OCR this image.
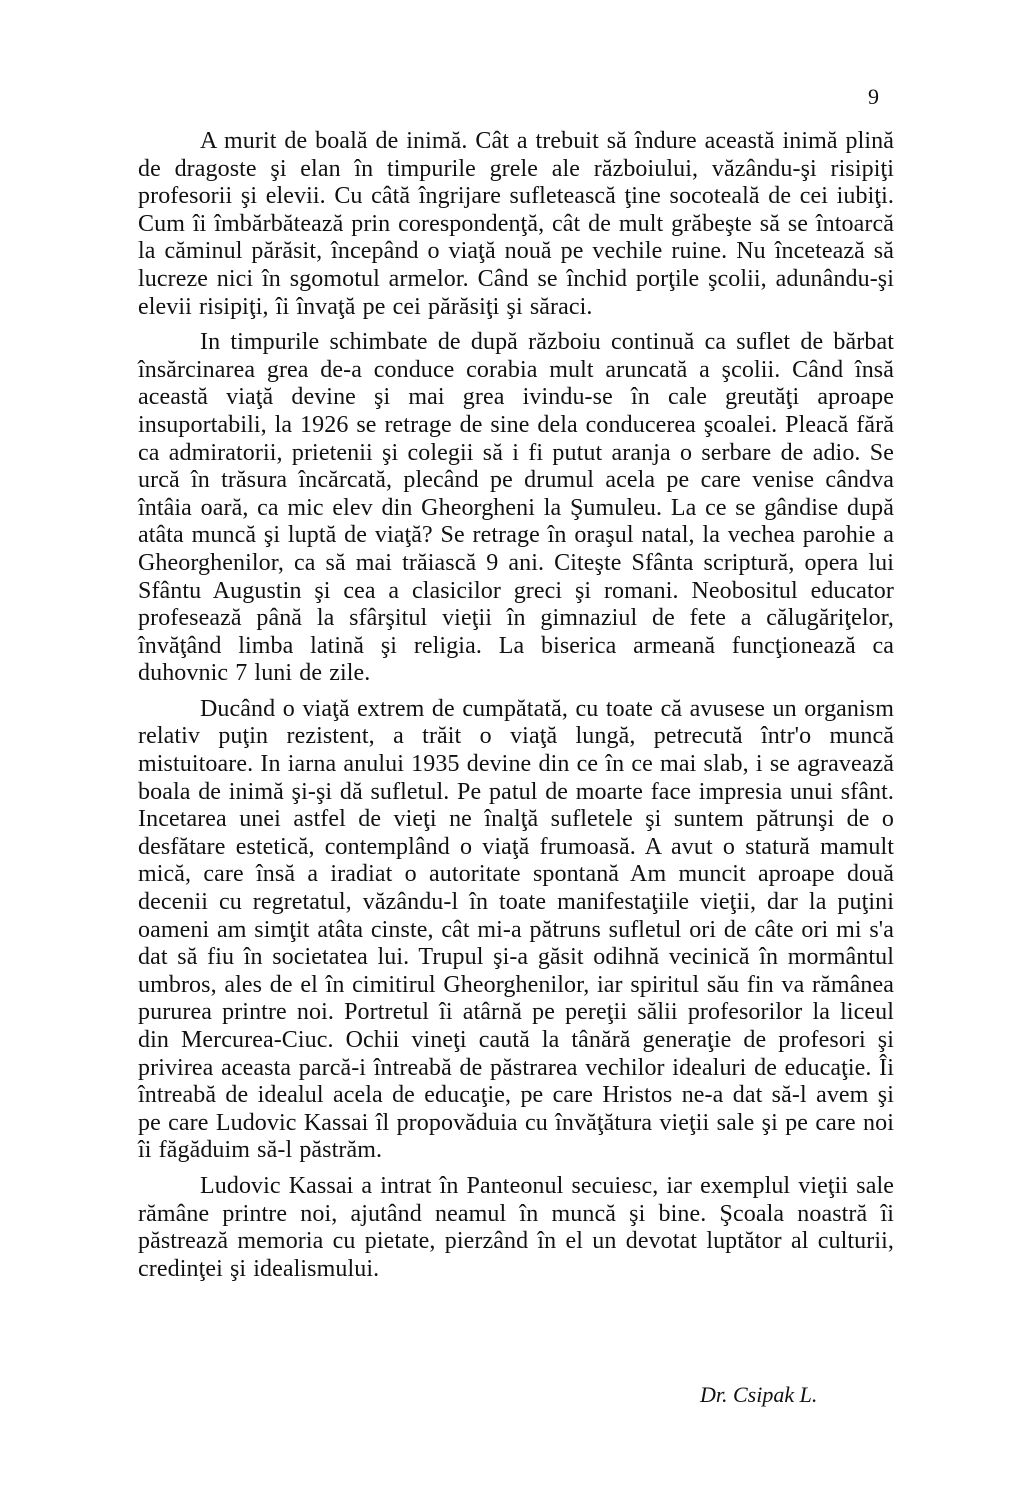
9

A murit de boală de inimă. Cât a trebuit să îndure această inimă plină de dragoste şi elan în timpurile grele ale războiului, văzându-şi risipiţi profesorii şi elevii. Cu câtă îngrijare sufletească ţine socoteală de cei iubiţi. Cum îi îmbărbătează prin corespondenţă, cât de mult grăbeşte să se întoarcă la căminul părăsit, începând o viaţă nouă pe vechile ruine. Nu încetează să lucreze nici în sgomotul armelor. Când se închid porţile şcolii, adunându-şi elevii risipiţi, îi învaţă pe cei părăsiţi şi săraci.

In timpurile schimbate de după războiu continuă ca suflet de bărbat însărcinarea grea de-a conduce corabia mult aruncată a şcolii. Când însă această viaţă devine şi mai grea ivindu-se în cale greutăţi aproape insuportabili, la 1926 se retrage de sine dela conducerea şcoalei. Pleacă fără ca admiratorii, prietenii şi colegii să i fi putut aranja o serbare de adio. Se urcă în trăsura încărcată, plecând pe drumul acela pe care venise cândva întâia oară, ca mic elev din Gheorgheni la Şumuleu. La ce se gândise după atâta muncă şi luptă de viaţă? Se retrage în oraşul natal, la vechea parohie a Gheorghenilor, ca să mai trăiască 9 ani. Citeşte Sfânta scriptură, opera lui Sfântu Augustin şi cea a clasicilor greci şi romani. Neobositul educator profesează până la sfârşitul vieţii în gimnaziul de fete a călugăriţelor, învăţând limba latină şi religia. La biserica armeană funcţionează ca duhovnic 7 luni de zile.

Ducând o viaţă extrem de cumpătată, cu toate că avusese un organism relativ puţin rezistent, a trăit o viaţă lungă, petrecută într'o muncă mistuitoare. In iarna anului 1935 devine din ce în ce mai slab, i se agravează boala de inimă şi-şi dă sufletul. Pe patul de moarte face impresia unui sfânt. Incetarea unei astfel de vieţi ne înalţă sufletele şi suntem pătrunşi de o desfătare estetică, contemplând o viaţă frumoasă. A avut o statură mamult mică, care însă a iradiat o autoritate spontană Am muncit aproape două decenii cu regretatul, văzându-l în toate manifestaţiile vieţii, dar la puţini oameni am simţit atâta cinste, cât mi-a pătruns sufletul ori de câte ori mi s'a dat să fiu în societatea lui. Trupul şi-a găsit odihnă vecinică în mormântul umbros, ales de el în cimitirul Gheorghenilor, iar spiritul său fin va rămânea pururea printre noi. Portretul îi atârnă pe pereţii sălii profesorilor la liceul din Mercurea-Ciuc. Ochii vineţi caută la tânără generaţie de profesori şi privirea aceasta parcă-i întreabă de păstrarea vechilor idealuri de educaţie. Îi întreabă de idealul acela de educaţie, pe care Hristos ne-a dat să-l avem şi pe care Ludovic Kassai îl propovăduia cu învăţătura vieţii sale şi pe care noi îi făgăduim să-l păstrăm.

Ludovic Kassai a intrat în Panteonul secuiesc, iar exemplul vieţii sale rămâne printre noi, ajutând neamul în muncă şi bine. Şcoala noastră îi păstrează memoria cu pietate, pierzând în el un devotat luptător al culturii, credinţei şi idealismului.

Dr. Csipak L.
